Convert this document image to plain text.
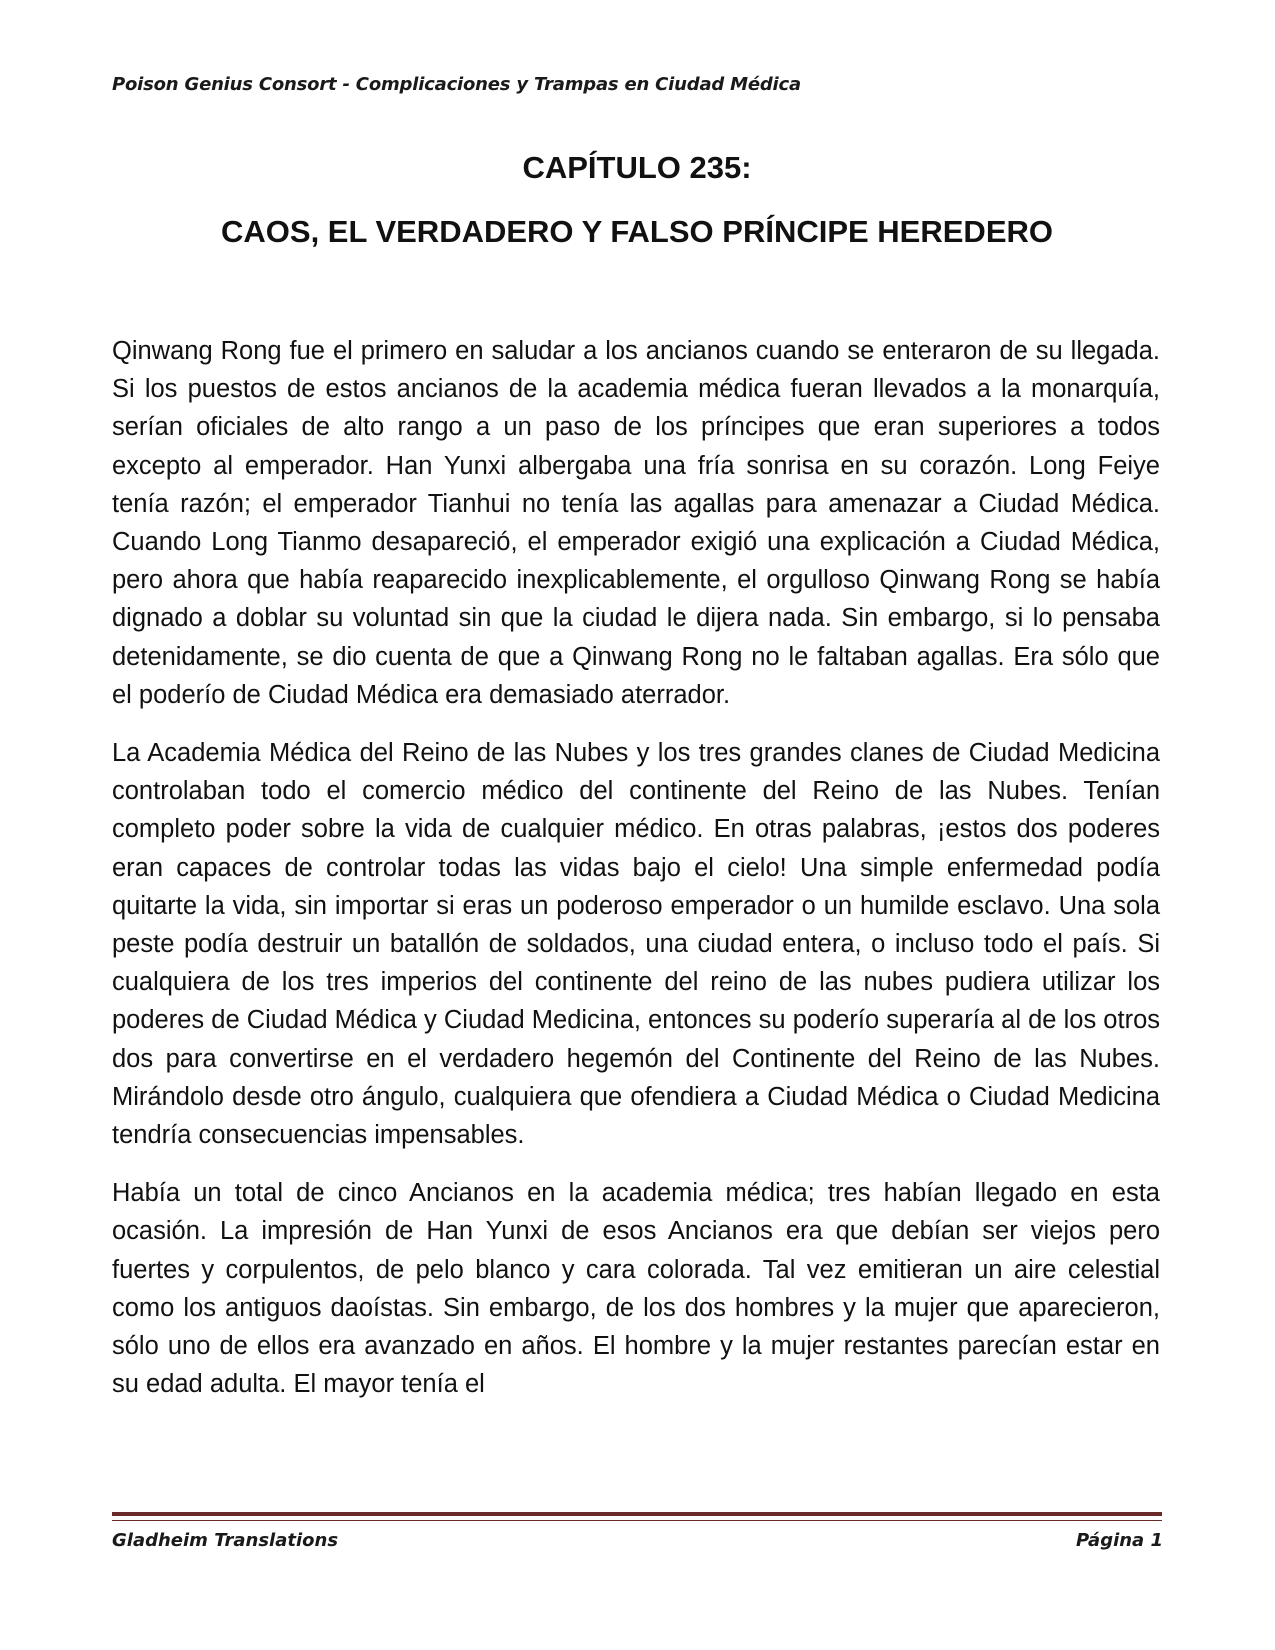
Poison Genius Consort - Complicaciones y Trampas en Ciudad Médica
CAPÍTULO 235:
CAOS, EL VERDADERO Y FALSO PRÍNCIPE HEREDERO

Qinwang Rong fue el primero en saludar a los ancianos cuando se enteraron de su llegada. Si los puestos de estos ancianos de la academia médica fueran llevados a la monarquía, serían oficiales de alto rango a un paso de los príncipes que eran superiores a todos excepto al emperador. Han Yunxi albergaba una fría sonrisa en su corazón. Long Feiye tenía razón; el emperador Tianhui no tenía las agallas para amenazar a Ciudad Médica. Cuando Long Tianmo desapareció, el emperador exigió una explicación a Ciudad Médica, pero ahora que había reaparecido inexplicablemente, el orgulloso Qinwang Rong se había dignado a doblar su voluntad sin que la ciudad le dijera nada. Sin embargo, si lo pensaba detenidamente, se dio cuenta de que a Qinwang Rong no le faltaban agallas. Era sólo que el poderío de Ciudad Médica era demasiado aterrador.

La Academia Médica del Reino de las Nubes y los tres grandes clanes de Ciudad Medicina controlaban todo el comercio médico del continente del Reino de las Nubes. Tenían completo poder sobre la vida de cualquier médico. En otras palabras, ¡estos dos poderes eran capaces de controlar todas las vidas bajo el cielo! Una simple enfermedad podía quitarte la vida, sin importar si eras un poderoso emperador o un humilde esclavo. Una sola peste podía destruir un batallón de soldados, una ciudad entera, o incluso todo el país. Si cualquiera de los tres imperios del continente del reino de las nubes pudiera utilizar los poderes de Ciudad Médica y Ciudad Medicina, entonces su poderío superaría al de los otros dos para convertirse en el verdadero hegemón del Continente del Reino de las Nubes. Mirándolo desde otro ángulo, cualquiera que ofendiera a Ciudad Médica o Ciudad Medicina tendría consecuencias impensables.

Había un total de cinco Ancianos en la academia médica; tres habían llegado en esta ocasión. La impresión de Han Yunxi de esos Ancianos era que debían ser viejos pero fuertes y corpulentos, de pelo blanco y cara colorada. Tal vez emitieran un aire celestial como los antiguos daoístas. Sin embargo, de los dos hombres y la mujer que aparecieron, sólo uno de ellos era avanzado en años. El hombre y la mujer restantes parecían estar en su edad adulta. El mayor tenía el

Gladheim Translations	Página 1
